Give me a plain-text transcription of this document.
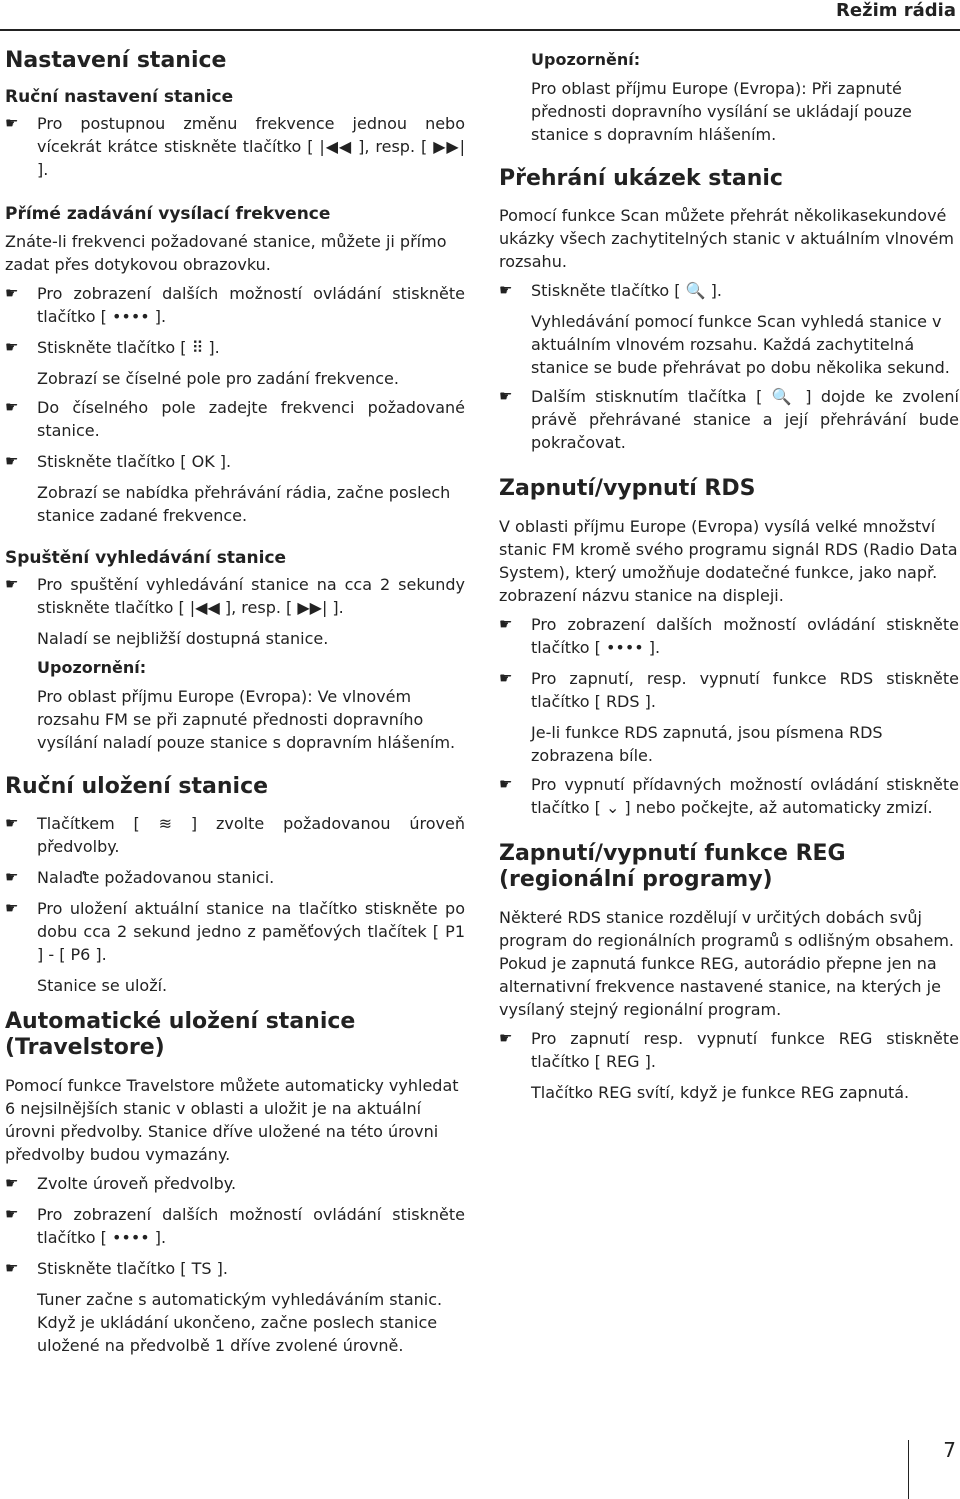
Režim rádia
Nastavení stanice
Ruční nastavení stanice
☛	Pro postupnou změnu frekvence jednou nebo vícekrát krátce stiskněte tlačítko [ |◀◀ ], resp. [ ▶▶| ].
Přímé zadávání vysílací frekvence

Znáte-li frekvenci požadované stanice, můžete ji přímo zadat přes dotykovou obrazovku.

☛	Pro zobrazení dalších možností ovládání stiskněte tlačítko [ •••• ].
☛	Stiskněte tlačítko [ ⠿ ].

Zobrazí se číselné pole pro zadání frekvence.

☛	Do číselného pole zadejte frekvenci požadované stanice.
☛	Stiskněte tlačítko [ OK ].

Zobrazí se nabídka přehrávání rádia, začne poslech stanice zadané frekvence.

Spuštění vyhledávání stanice
☛	Pro spuštění vyhledávání stanice na cca 2 sekundy stiskněte tlačítko [ |◀◀ ], resp. [ ▶▶| ].

Naladí se nejbližší dostupná stanice.

Upozornění:

Pro oblast příjmu Europe (Evropa): Ve vlnovém rozsahu FM se při zapnuté přednosti dopravního vysílání naladí pouze stanice s dopravním hlášením.

Ruční uložení stanice
☛	Tlačítkem [ ≋ ] zvolte požadovanou úroveň předvolby.
☛	Nalaďte požadovanou stanici.
☛	Pro uložení aktuální stanice na tlačítko stiskněte po dobu cca 2 sekund jedno z paměťových tlačítek [ P1 ] - [ P6 ].

Stanice se uloží.

Automatické uložení stanice (Travelstore)

Pomocí funkce Travelstore můžete automaticky vyhledat 6 nejsilnějších stanic v oblasti a uložit je na aktuální úrovni předvolby. Stanice dříve uložené na této úrovni předvolby budou vymazány.

☛	Zvolte úroveň předvolby.
☛	Pro zobrazení dalších možností ovládání stiskněte tlačítko [ •••• ].
☛	Stiskněte tlačítko [ TS ].

Tuner začne s automatickým vyhledáváním stanic. Když je ukládání ukončeno, začne poslech stanice uložené na předvolbě 1 dříve zvolené úrovně.

Upozornění:

Pro oblast příjmu Europe (Evropa): Při zapnuté přednosti dopravního vysílání se ukládají pouze stanice s dopravním hlášením.

Přehrání ukázek stanic

Pomocí funkce Scan můžete přehrát několikasekundové ukázky všech zachytitelných stanic v aktuálním vlnovém rozsahu.

☛	Stiskněte tlačítko [ 🔍 ].

Vyhledávání pomocí funkce Scan vyhledá stanice v aktuálním vlnovém rozsahu. Každá zachytitelná stanice se bude přehrávat po dobu několika sekund.

☛	Dalším stisknutím tlačítka [ 🔍 ] dojde ke zvolení právě přehrávané stanice a její přehrávání bude pokračovat.
Zapnutí/vypnutí RDS

V oblasti příjmu Europe (Evropa) vysílá velké množství stanic FM kromě svého programu signál RDS (Radio Data System), který umožňuje dodatečné funkce, jako např. zobrazení názvu stanice na displeji.

☛	Pro zobrazení dalších možností ovládání stiskněte tlačítko [ •••• ].
☛	Pro zapnutí, resp. vypnutí funkce RDS stiskněte tlačítko [ RDS ].

Je-li funkce RDS zapnutá, jsou písmena RDS zobrazena bíle.

☛	Pro vypnutí přídavných možností ovládání stiskněte tlačítko [ ⌄ ] nebo počkejte, až automaticky zmizí.
Zapnutí/vypnutí funkce REG (regionální programy)

Některé RDS stanice rozdělují v určitých dobách svůj program do regionálních programů s odlišným obsahem. Pokud je zapnutá funkce REG, autorádio přepne jen na alternativní frekvence nastavené stanice, na kterých je vysílaný stejný regionální program.

☛	Pro zapnutí resp. vypnutí funkce REG stiskněte tlačítko [ REG ].

Tlačítko REG svítí, když je funkce REG zapnutá.

7
